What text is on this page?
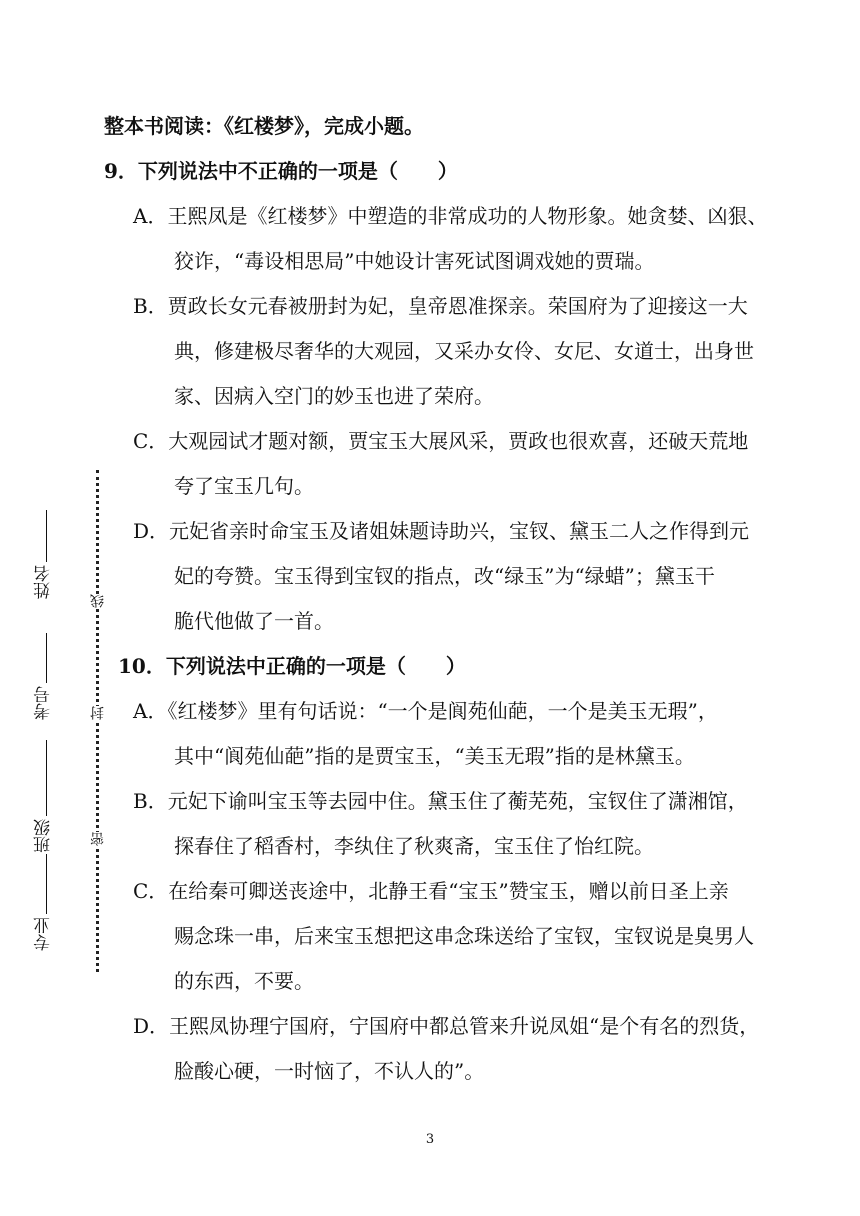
整本书阅读：《红楼梦》，完成小题。
9．下列说法中不正确的一项是（　　）
A．王熙凤是《红楼梦》中塑造的非常成功的人物形象。她贪婪、凶狠、
狡诈，“毒设相思局”中她设计害死试图调戏她的贾瑞。
B．贾政长女元春被册封为妃，皇帝恩准探亲。荣国府为了迎接这一大
典，修建极尽奢华的大观园，又采办女伶、女尼、女道士，出身世
家、因病入空门的妙玉也进了荣府。
C．大观园试才题对额，贾宝玉大展风采，贾政也很欢喜，还破天荒地
夸了宝玉几句。
D．元妃省亲时命宝玉及诸姐妹题诗助兴，宝钗、黛玉二人之作得到元
妃的夸赞。宝玉得到宝钗的指点，改“绿玉”为“绿蜡”；黛玉干
脆代他做了一首。
10．下列说法中正确的一项是（　　）
A．《红楼梦》里有句话说：“一个是阆苑仙葩，一个是美玉无瑕”，
其中“阆苑仙葩”指的是贾宝玉，“美玉无瑕”指的是林黛玉。
B．元妃下谕叫宝玉等去园中住。黛玉住了蘅芜苑，宝钗住了潇湘馆，
探春住了稻香村，李纨住了秋爽斋，宝玉住了怡红院。
C．在给秦可卿送丧途中，北静王看“宝玉”赞宝玉，赠以前日圣上亲
赐念珠一串，后来宝玉想把这串念珠送给了宝钗，宝钗说是臭男人
的东西，不要。
D．王熙凤协理宁国府，宁国府中都总管来升说凤姐“是个有名的烈货，
脸酸心硬，一时恼了，不认人的”。
姓名
考号
班级
专业
线
封
密
3
